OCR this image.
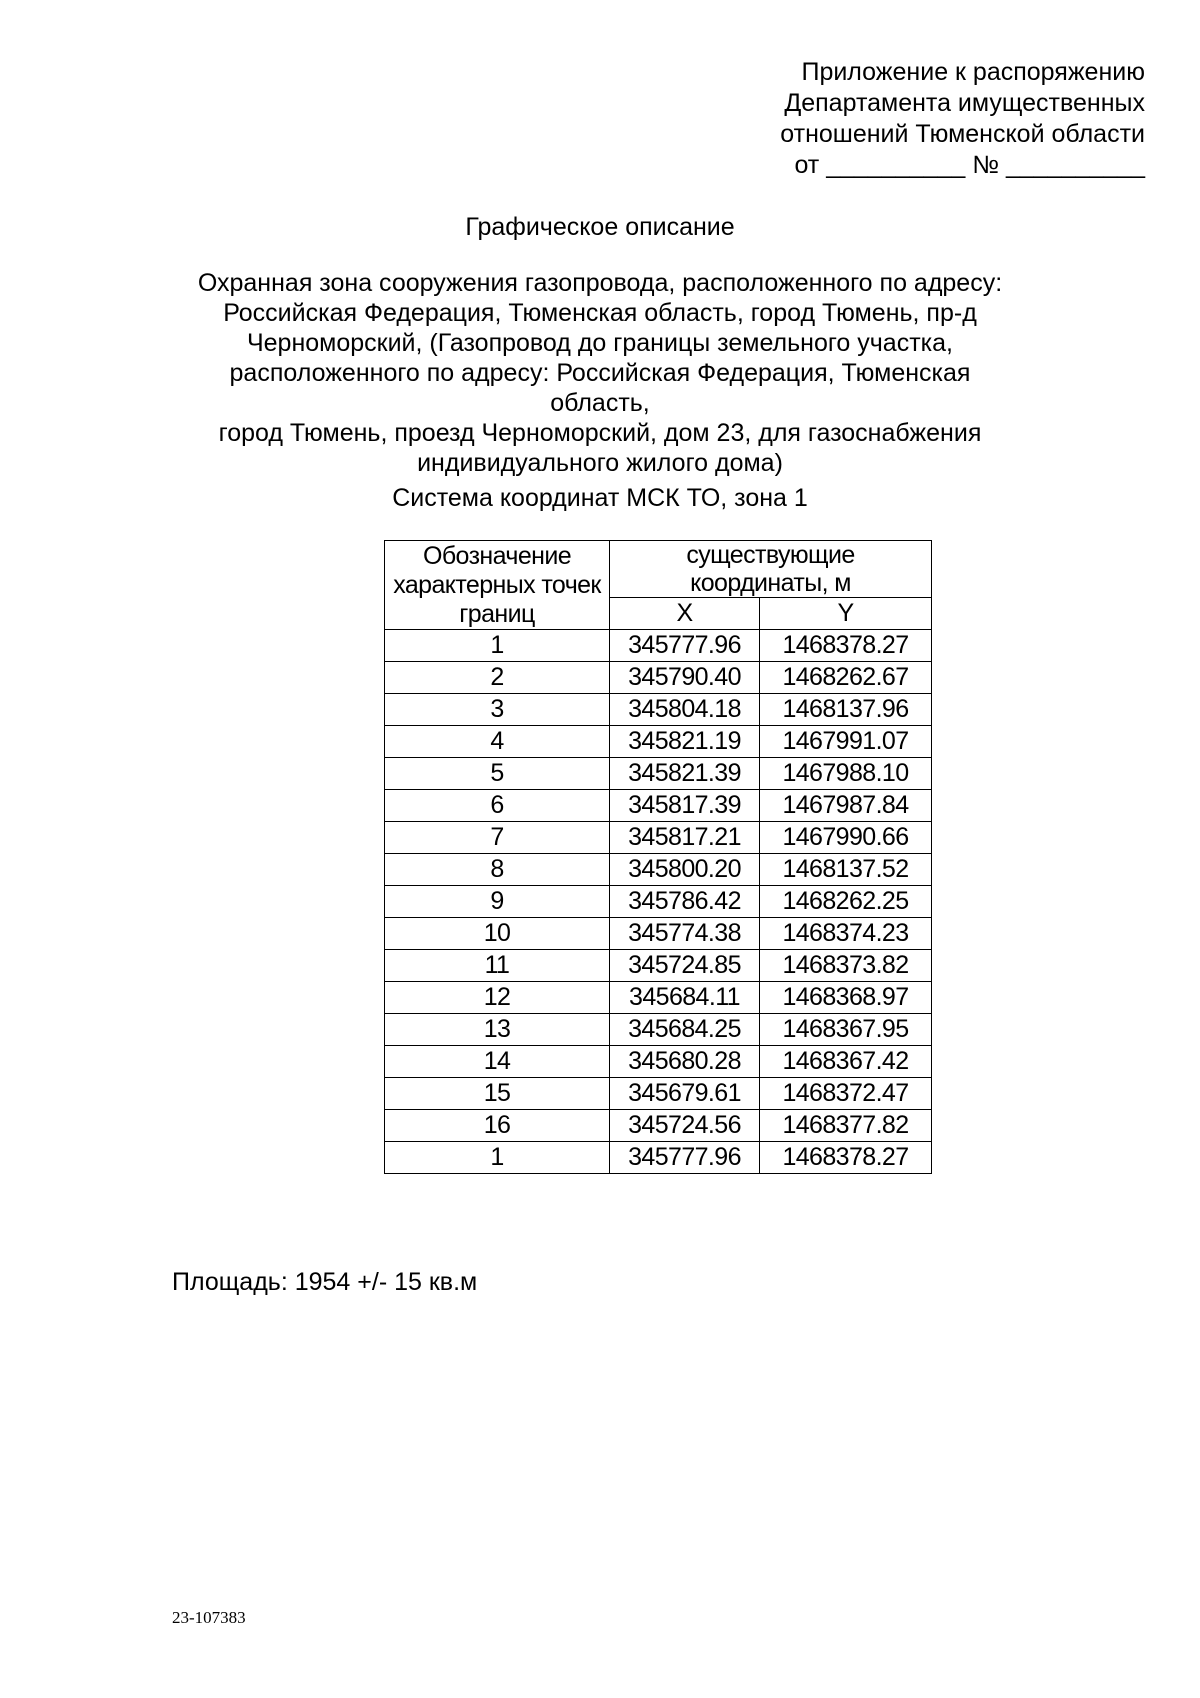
Приложение к распоряжению
Департамента имущественных
отношений Тюменской области
от __________ № __________
Графическое описание
Охранная зона сооружения газопровода, расположенного по адресу:
Российская Федерация, Тюменская область, город Тюмень, пр-д
Черноморский, (Газопровод до границы земельного участка,
расположенного по адресу: Российская Федерация, Тюменская область,
город Тюмень, проезд Черноморский, дом 23, для газоснабжения
индивидуального жилого дома)
Система координат МСК ТО, зона 1
Обозначение
характерных точек
границ	существующие
координаты, м	

	X	Y
1	345777.96	1468378.27
2	345790.40	1468262.67
3	345804.18	1468137.96
4	345821.19	1467991.07
5	345821.39	1467988.10
6	345817.39	1467987.84
7	345817.21	1467990.66
8	345800.20	1468137.52
9	345786.42	1468262.25
10	345774.38	1468374.23
11	345724.85	1468373.82
12	345684.11	1468368.97
13	345684.25	1468367.95
14	345680.28	1468367.42
15	345679.61	1468372.47
16	345724.56	1468377.82
1	345777.96	1468378.27
Площадь: 1954 +/- 15 кв.м
23-107383
